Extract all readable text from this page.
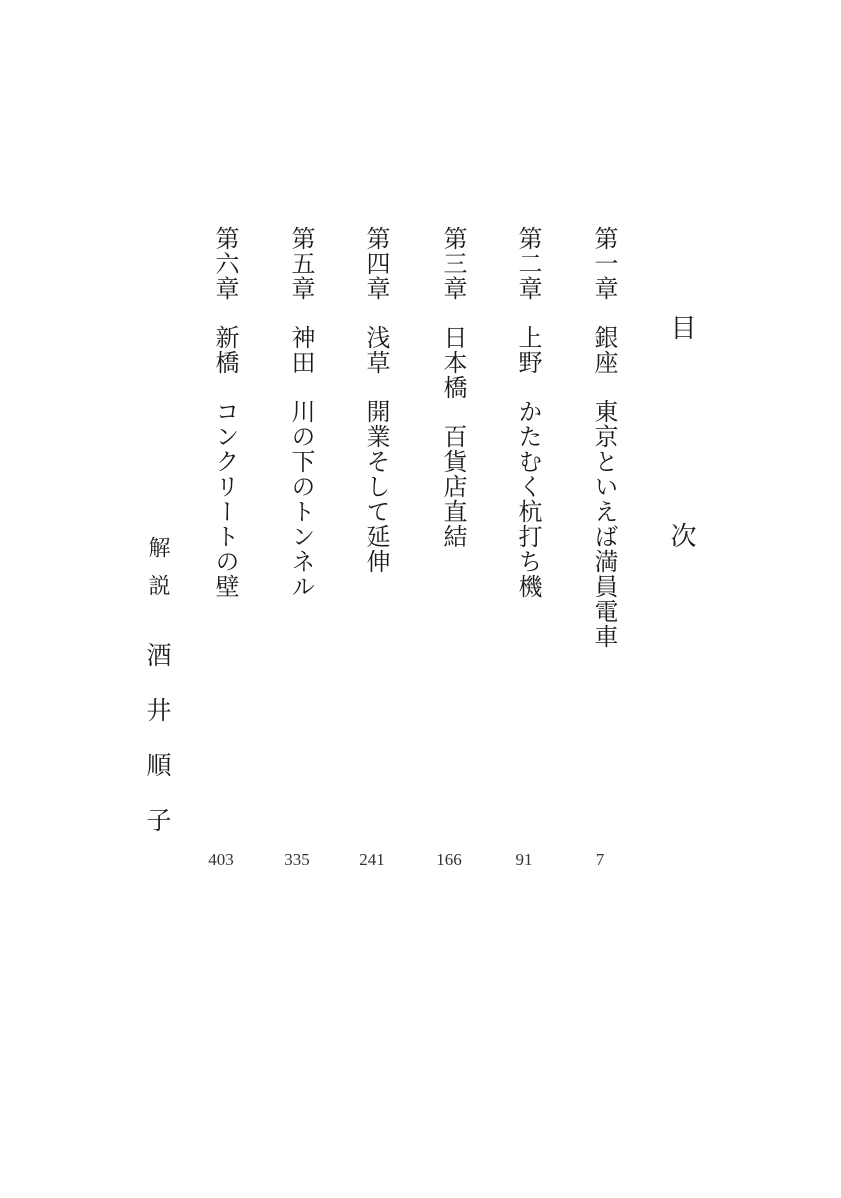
目　次
第一章銀座東京といえば満員電車
7
第二章上野かたむく杭打ち機
91
第三章日本橋百貨店直結
166
第四章浅草開業そして延伸
241
第五章神田川の下のトンネル
335
第六章新橋コンクリートの壁
403
解説酒井順子
